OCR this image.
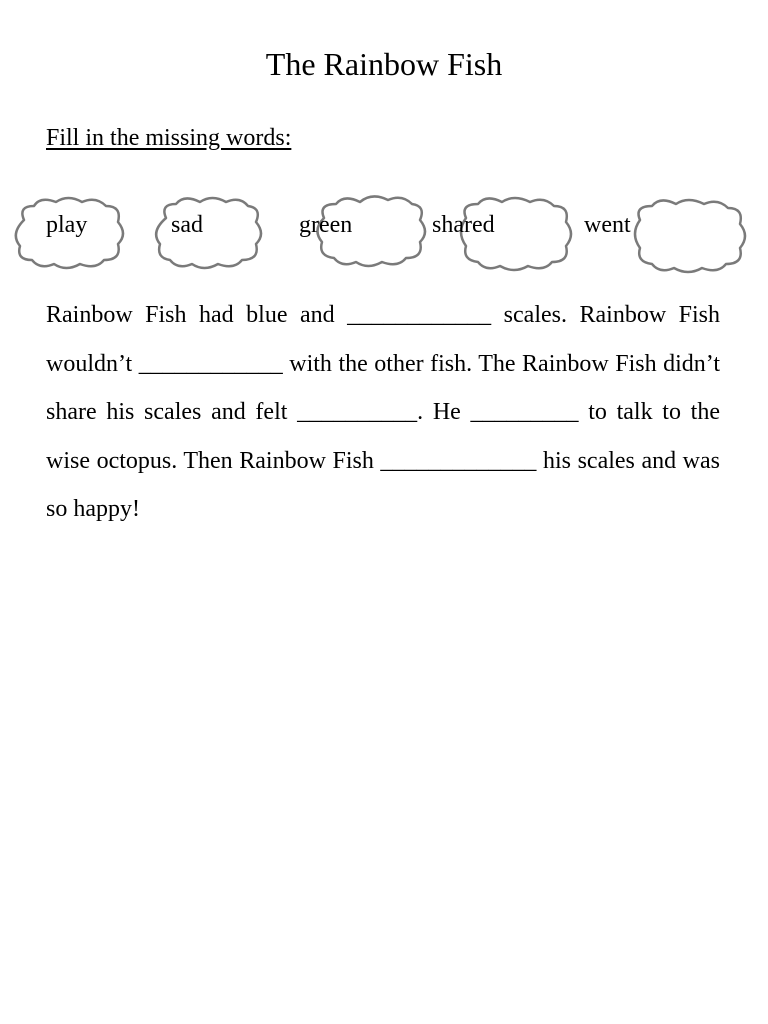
The Rainbow Fish
Fill in the missing words:
play	sad	green	shared	went

Rainbow Fish had blue and ____________ scales. Rainbow Fish wouldn’t ____________ with the other fish. The Rainbow Fish didn’t share his scales and felt __________. He _________ to talk to the wise octopus. Then Rainbow Fish _____________ his scales and was so happy!
